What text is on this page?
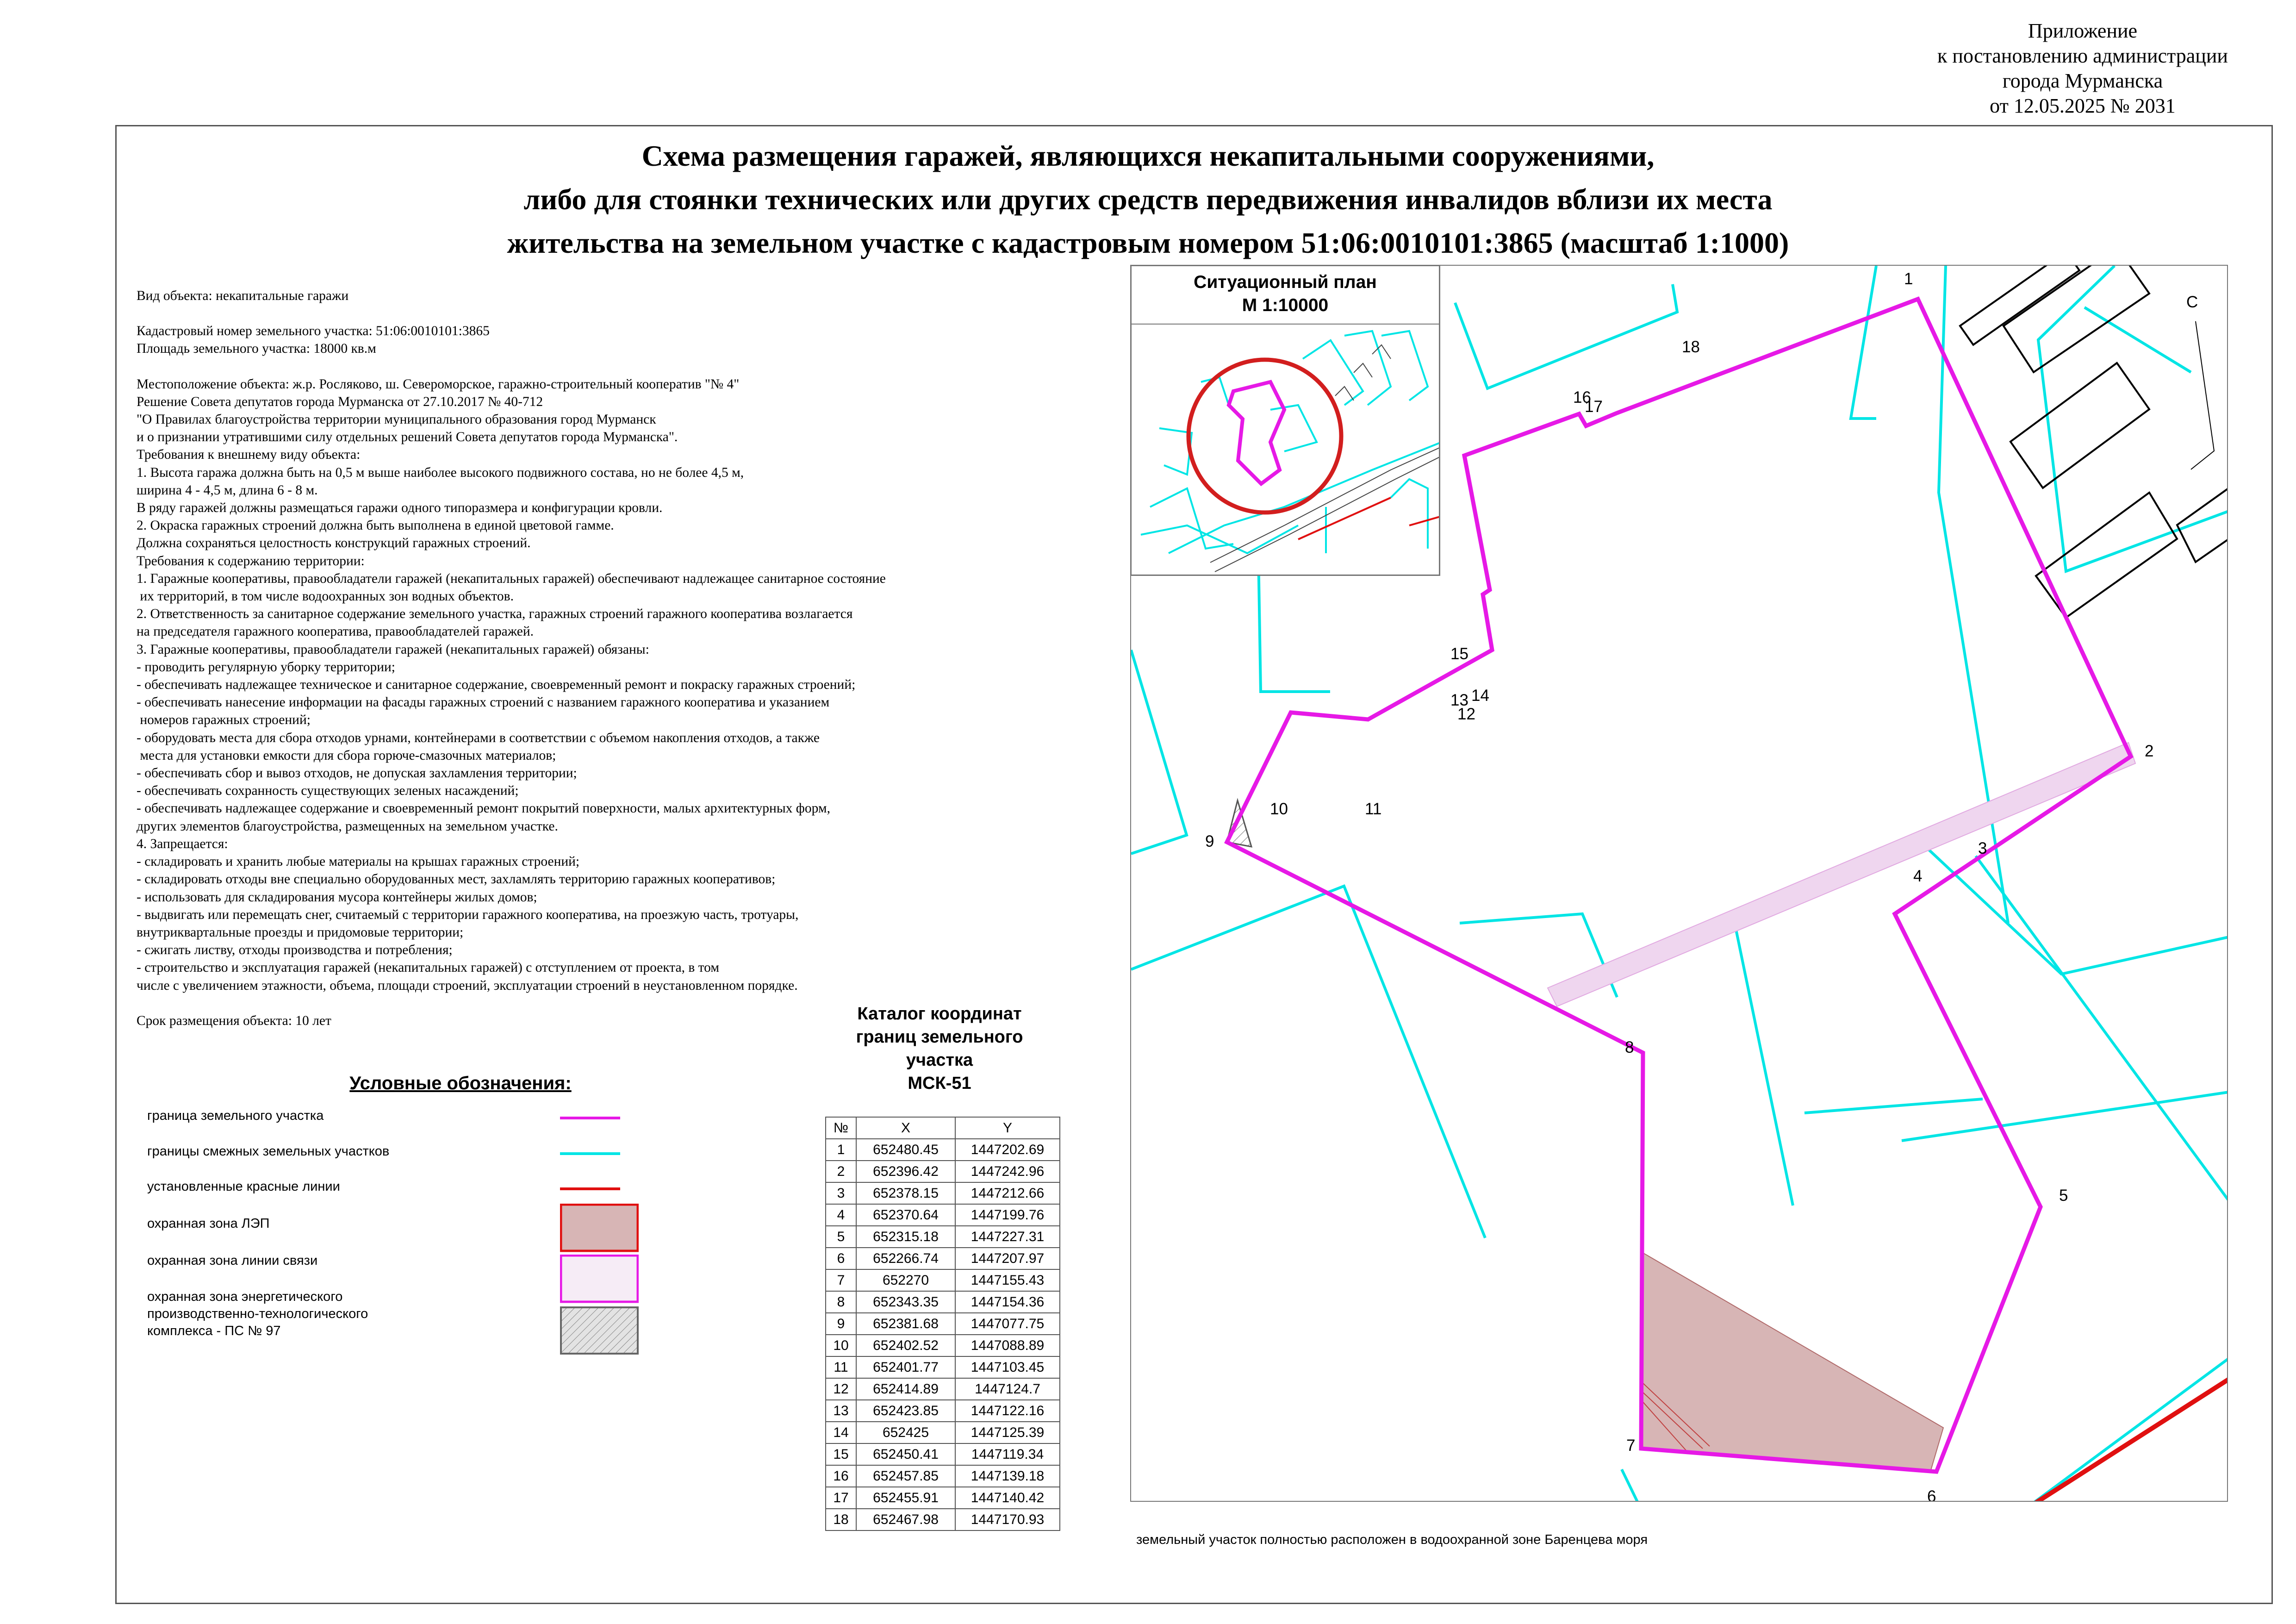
Приложение
к постановлению администрации
города Мурманска
от 12.05.2025 № 2031
Схема размещения гаражей, являющихся некапитальными сооружениями,
либо для стоянки технических или других средств передвижения инвалидов вблизи их места
жительства на земельном участке с кадастровым номером 51:06:0010101:3865 (масштаб 1:1000)
Вид объекта: некапитальные гаражи
Кадастровый номер земельного участка: 51:06:0010101:3865
Площадь земельного участка: 18000 кв.м
Местоположение объекта: ж.р. Росляково, ш. Североморское, гаражно-строительный кооператив "№ 4"
Решение Совета депутатов города Мурманска от 27.10.2017 № 40-712
"О Правилах благоустройства территории муниципального образования город Мурманск
и о признании утратившими силу отдельных решений Совета депутатов города Мурманска".
Требования к внешнему виду объекта:
1. Высота гаража должна быть на 0,5 м выше наиболее высокого подвижного состава, но не более 4,5 м,
ширина 4 - 4,5 м, длина 6 - 8 м.
В ряду гаражей должны размещаться гаражи одного типоразмера и конфигурации кровли.
2. Окраска гаражных строений должна быть выполнена в единой цветовой гамме.
Должна сохраняться целостность конструкций гаражных строений.
Требования к содержанию территории:
1. Гаражные кооперативы, правообладатели гаражей (некапитальных гаражей) обеспечивают надлежащее санитарное состояние
их территорий, в том числе водоохранных зон водных объектов.
2. Ответственность за санитарное содержание земельного участка, гаражных строений гаражного кооператива возлагается
на председателя гаражного кооператива, правообладателей гаражей.
3. Гаражные кооперативы, правообладатели гаражей (некапитальных гаражей) обязаны:
- проводить регулярную уборку территории;
- обеспечивать надлежащее техническое и санитарное содержание, своевременный ремонт и покраску гаражных строений;
- обеспечивать нанесение информации на фасады гаражных строений с названием гаражного кооператива и указанием
номеров гаражных строений;
- оборудовать места для сбора отходов урнами, контейнерами в соответствии с объемом накопления отходов, а также
места для установки емкости для сбора горюче-смазочных материалов;
- обеспечивать сбор и вывоз отходов, не допуская захламления территории;
- обеспечивать сохранность существующих зеленых насаждений;
- обеспечивать надлежащее содержание и своевременный ремонт покрытий поверхности, малых архитектурных форм,
других элементов благоустройства, размещенных на земельном участке.
4. Запрещается:
- складировать и хранить любые материалы на крышах гаражных строений;
- складировать отходы вне специально оборудованных мест, захламлять территорию гаражных кооперативов;
- использовать для складирования мусора контейнеры жилых домов;
- выдвигать или перемещать снег, считаемый с территории гаражного кооператива, на проезжую часть, тротуары,
внутриквартальные проезды и придомовые территории;
- сжигать листву, отходы производства и потребления;
- строительство и эксплуатация гаражей (некапитальных гаражей) с отступлением от проекта, в том
числе с увеличением этажности, объема, площади строений, эксплуатации строений в неустановленном порядке.
Срок размещения объекта: 10 лет
Условные обозначения:
граница земельного участка
границы смежных земельных участков
установленные красные линии
охранная зона ЛЭП
охранная зона линии связи
охранная зона энергетического
производственно-технологического
комплекса - ПС № 97
Каталог координат
границ земельного
участка
МСК-51
№	X	Y
1	652480.45	1447202.69
2	652396.42	1447242.96
3	652378.15	1447212.66
4	652370.64	1447199.76
5	652315.18	1447227.31
6	652266.74	1447207.97
7	652270	1447155.43
8	652343.35	1447154.36
9	652381.68	1447077.75
10	652402.52	1447088.89
11	652401.77	1447103.45
12	652414.89	1447124.7
13	652423.85	1447122.16
14	652425	1447125.39
15	652450.41	1447119.34
16	652457.85	1447139.18
17	652455.91	1447140.42
18	652467.98	1447170.93
1
2
3
4
5
6
7
8
9
10	11
12
13 14
15
16
17
18
С
Ситуационный план
М 1:10000
земельный участок полностью расположен в водоохранной зоне Баренцева моря
